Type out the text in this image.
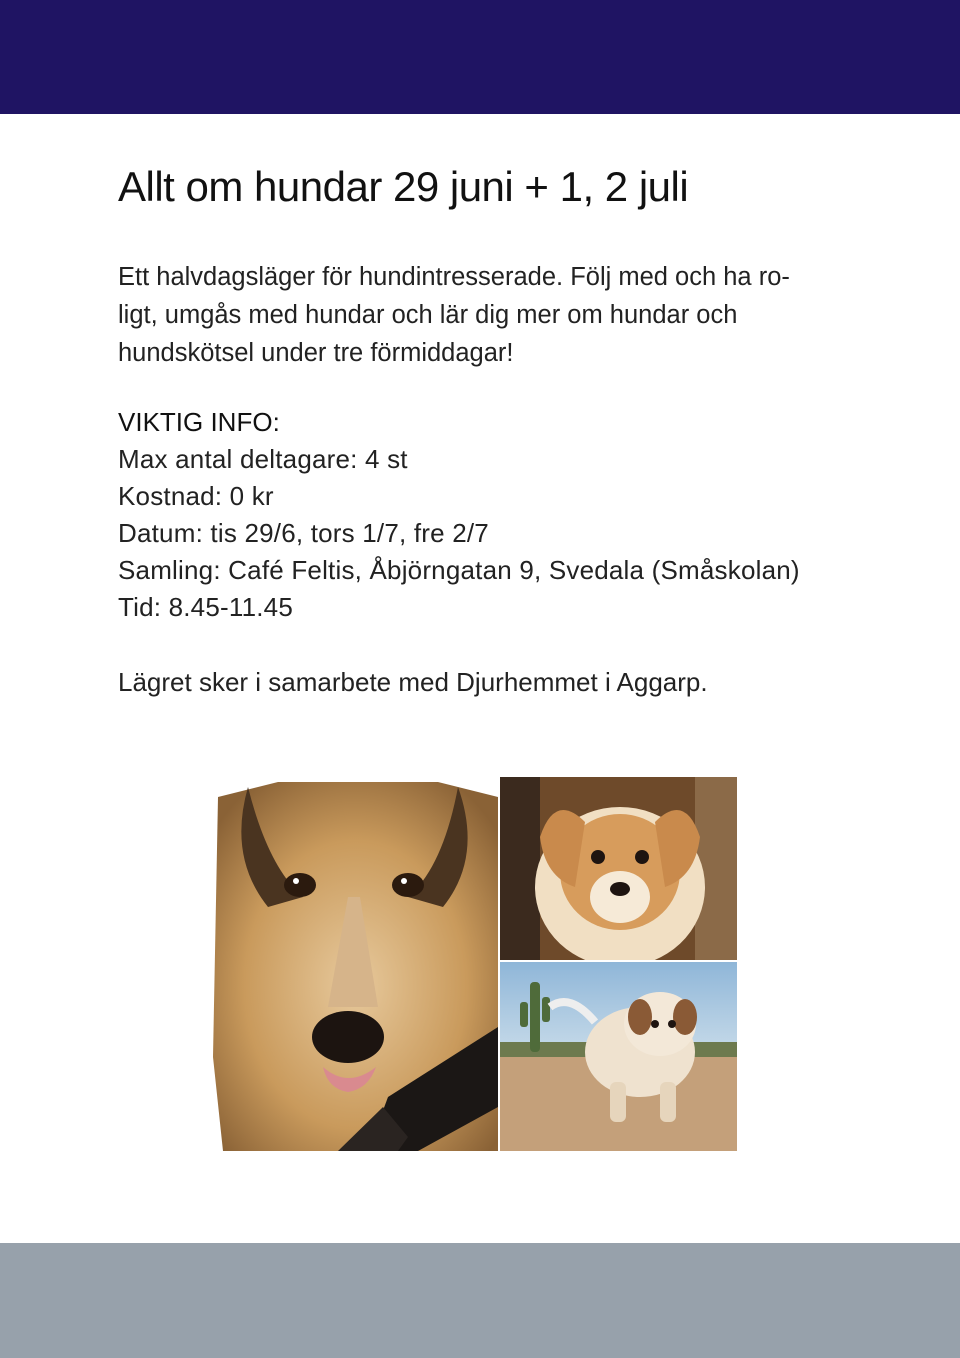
Allt om hundar 29 juni + 1, 2 juli

Ett halvdagsläger för hundintresserade. Följ med och ha ro-
ligt, umgås med hundar och lär dig mer om hundar och
hundskötsel under tre förmiddagar!

VIKTIG INFO:

Max antal deltagare: 4 st

Kostnad: 0 kr

Datum: tis 29/6, tors 1/7, fre 2/7

Samling: Café Feltis, Åbjörngatan 9, Svedala (Småskolan)

Tid: 8.45-11.45

Lägret sker i samarbete med Djurhemmet i Aggarp.
